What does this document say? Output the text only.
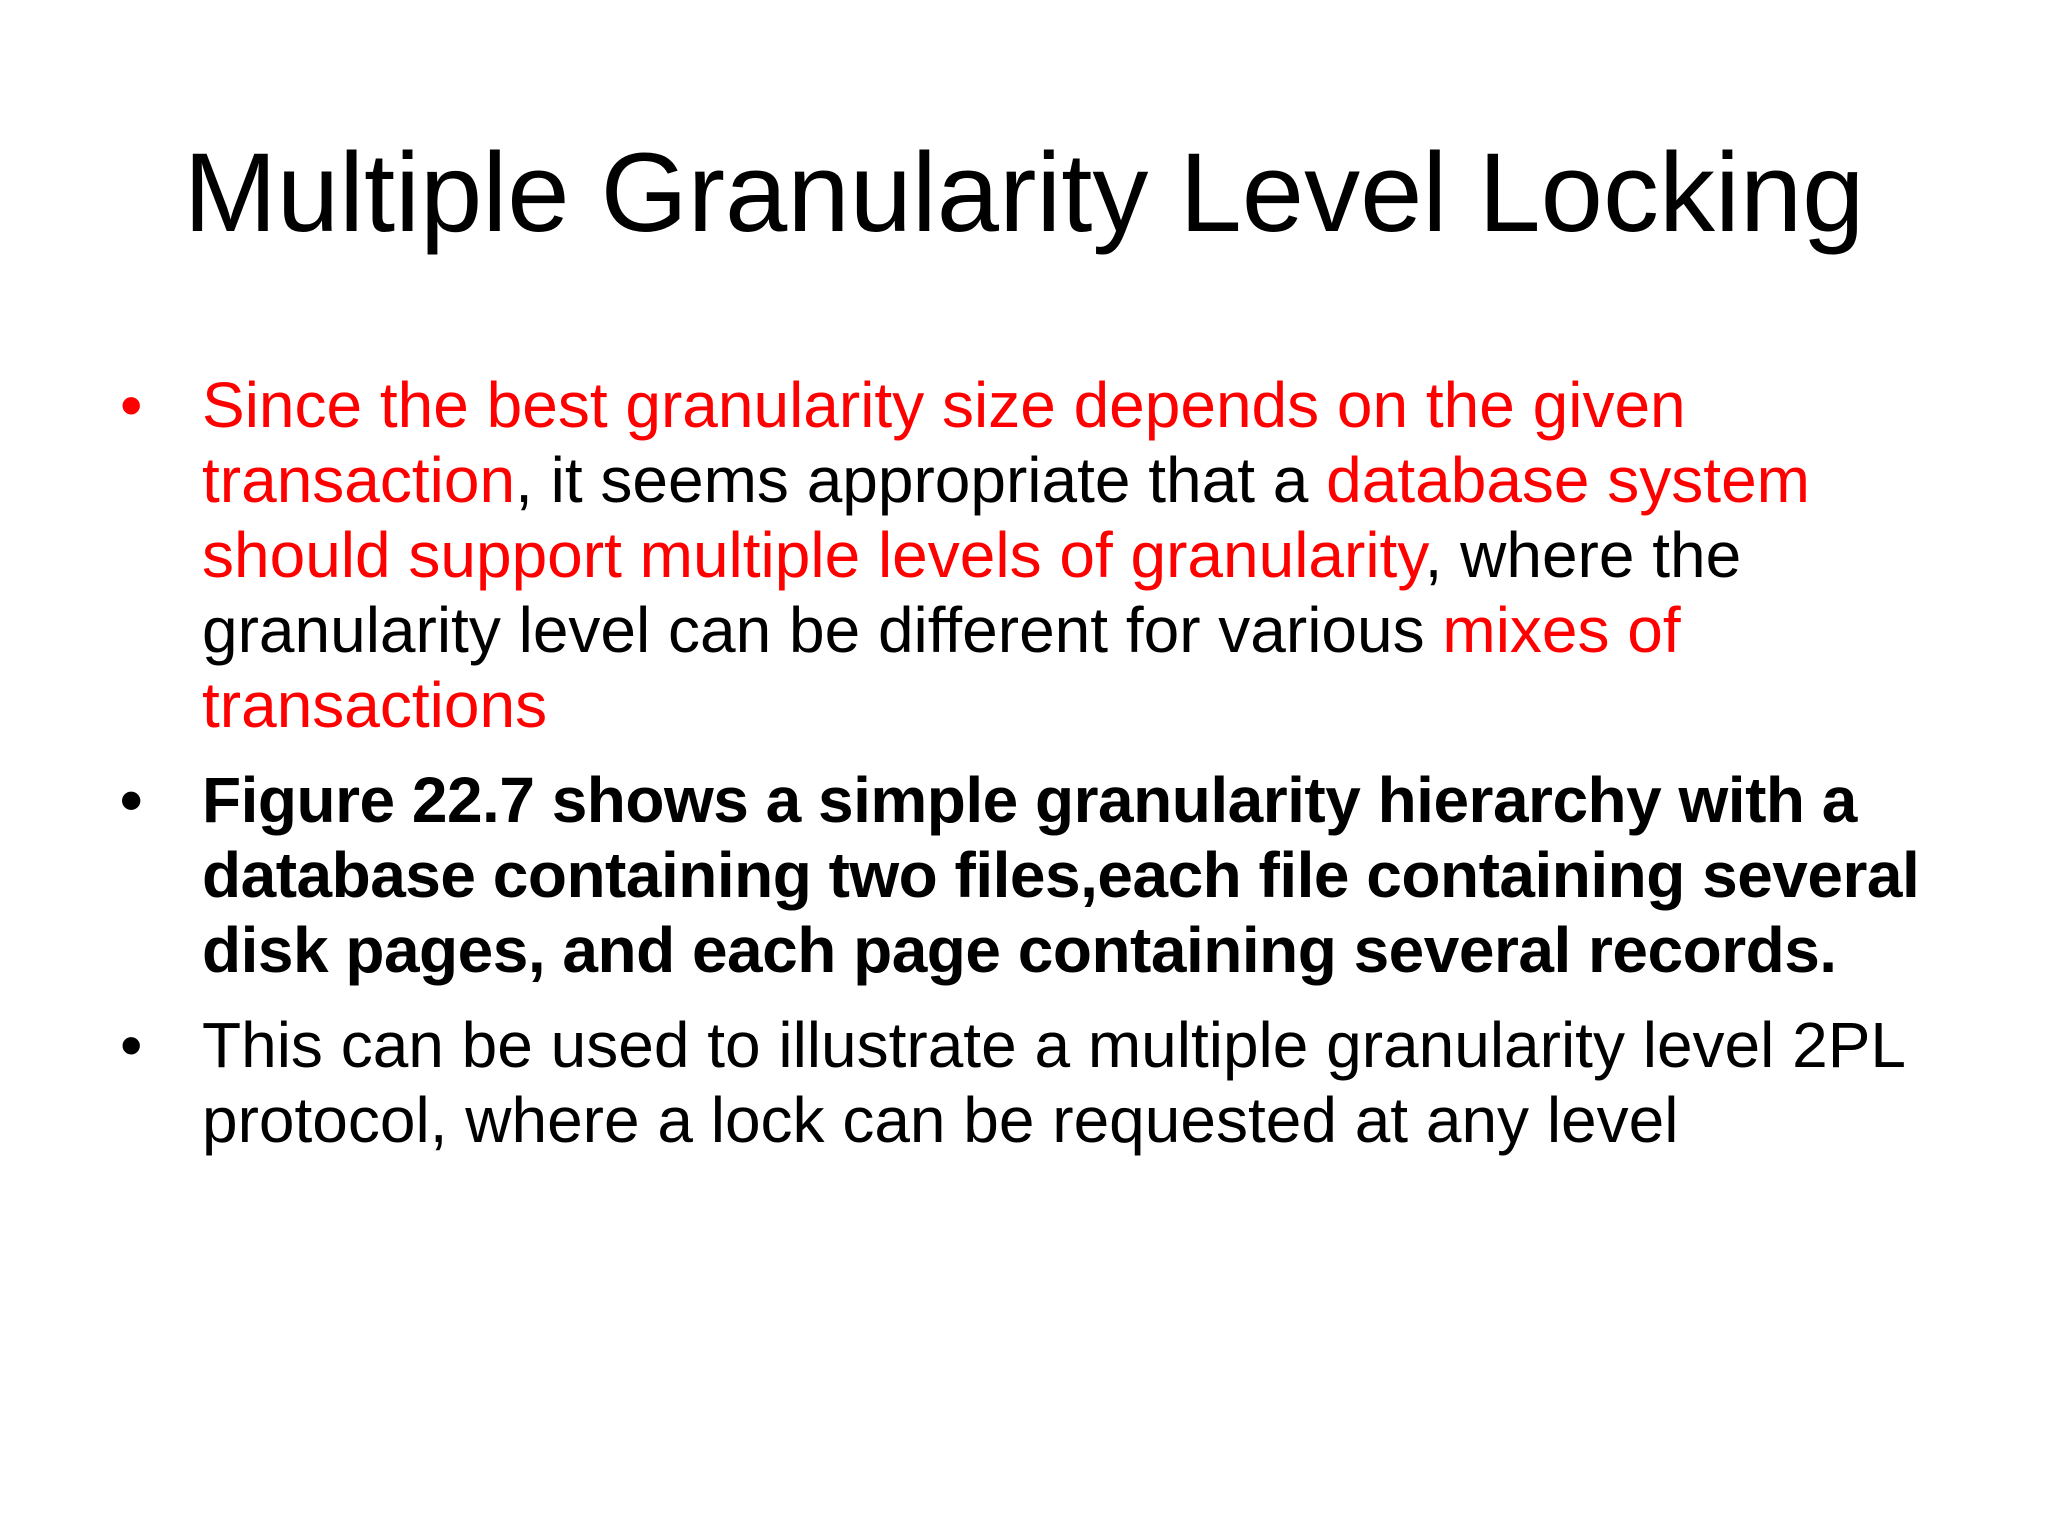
Multiple Granularity Level Locking
• Since the best granularity size depends on the given transaction, it seems appropriate that a database system should support multiple levels of granularity, where the granularity level can be different for various mixes of transactions
• Figure 22.7 shows a simple granularity hierarchy with a database containing two files,each file containing several disk pages, and each page containing several records.
• This can be used to illustrate a multiple granularity level 2PL protocol, where a lock can be requested at any level
